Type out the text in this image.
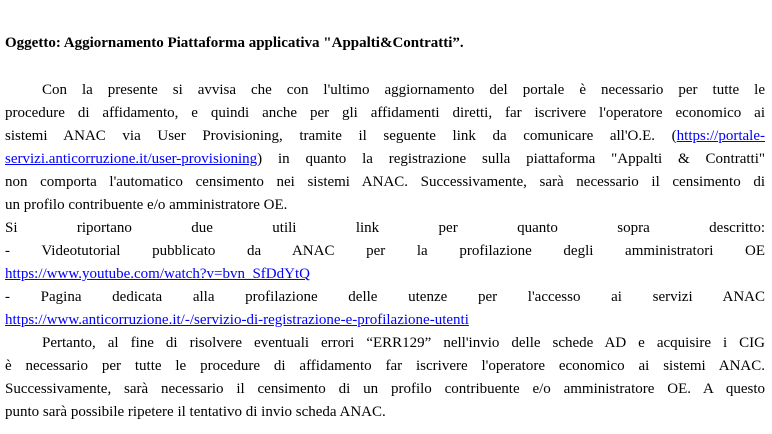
Oggetto: Aggiornamento Piattaforma applicativa "Appalti&Contratti”.
Con la presente si avvisa che con l'ultimo aggiornamento del portale è necessario per tutte le
procedure di affidamento, e quindi anche per gli affidamenti diretti, far iscrivere l'operatore economico ai
sistemi ANAC via User Provisioning, tramite il seguente link da comunicare all'O.E. (https://portale-
servizi.anticorruzione.it/user-provisioning) in quanto la registrazione sulla piattaforma "Appalti & Contratti"
non comporta l'automatico censimento nei sistemi ANAC. Successivamente, sarà necessario il censimento di
un profilo contribuente e/o amministratore OE.
Si riportano due utili link per quanto sopra descritto:
- Videotutorial pubblicato da ANAC per la profilazione degli amministratori OE
https://www.youtube.com/watch?v=bvn_SfDdYtQ
- Pagina dedicata alla profilazione delle utenze per l'accesso ai servizi ANAC
https://www.anticorruzione.it/-/servizio-di-registrazione-e-profilazione-utenti
Pertanto, al fine di risolvere eventuali errori “ERR129” nell'invio delle schede AD e acquisire i CIG
è necessario per tutte le procedure di affidamento far iscrivere l'operatore economico ai sistemi ANAC.
Successivamente, sarà necessario il censimento di un profilo contribuente e/o amministratore OE. A questo
punto sarà possibile ripetere il tentativo di invio scheda ANAC.
